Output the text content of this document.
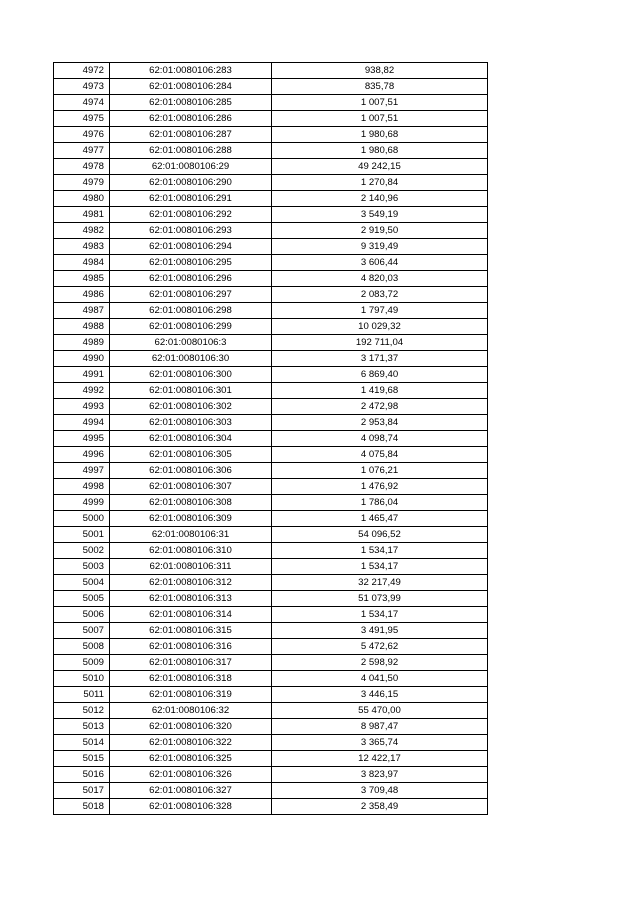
4972	62:01:0080106:283	938,82
4973	62:01:0080106:284	835,78
4974	62:01:0080106:285	1 007,51
4975	62:01:0080106:286	1 007,51
4976	62:01:0080106:287	1 980,68
4977	62:01:0080106:288	1 980,68
4978	62:01:0080106:29	49 242,15
4979	62:01:0080106:290	1 270,84
4980	62:01:0080106:291	2 140,96
4981	62:01:0080106:292	3 549,19
4982	62:01:0080106:293	2 919,50
4983	62:01:0080106:294	9 319,49
4984	62:01:0080106:295	3 606,44
4985	62:01:0080106:296	4 820,03
4986	62:01:0080106:297	2 083,72
4987	62:01:0080106:298	1 797,49
4988	62:01:0080106:299	10 029,32
4989	62:01:0080106:3	192 711,04
4990	62:01:0080106:30	3 171,37
4991	62:01:0080106:300	6 869,40
4992	62:01:0080106:301	1 419,68
4993	62:01:0080106:302	2 472,98
4994	62:01:0080106:303	2 953,84
4995	62:01:0080106:304	4 098,74
4996	62:01:0080106:305	4 075,84
4997	62:01:0080106:306	1 076,21
4998	62:01:0080106:307	1 476,92
4999	62:01:0080106:308	1 786,04
5000	62:01:0080106:309	1 465,47
5001	62:01:0080106:31	54 096,52
5002	62:01:0080106:310	1 534,17
5003	62:01:0080106:311	1 534,17
5004	62:01:0080106:312	32 217,49
5005	62:01:0080106:313	51 073,99
5006	62:01:0080106:314	1 534,17
5007	62:01:0080106:315	3 491,95
5008	62:01:0080106:316	5 472,62
5009	62:01:0080106:317	2 598,92
5010	62:01:0080106:318	4 041,50
5011	62:01:0080106:319	3 446,15
5012	62:01:0080106:32	55 470,00
5013	62:01:0080106:320	8 987,47
5014	62:01:0080106:322	3 365,74
5015	62:01:0080106:325	12 422,17
5016	62:01:0080106:326	3 823,97
5017	62:01:0080106:327	3 709,48
5018	62:01:0080106:328	2 358,49
